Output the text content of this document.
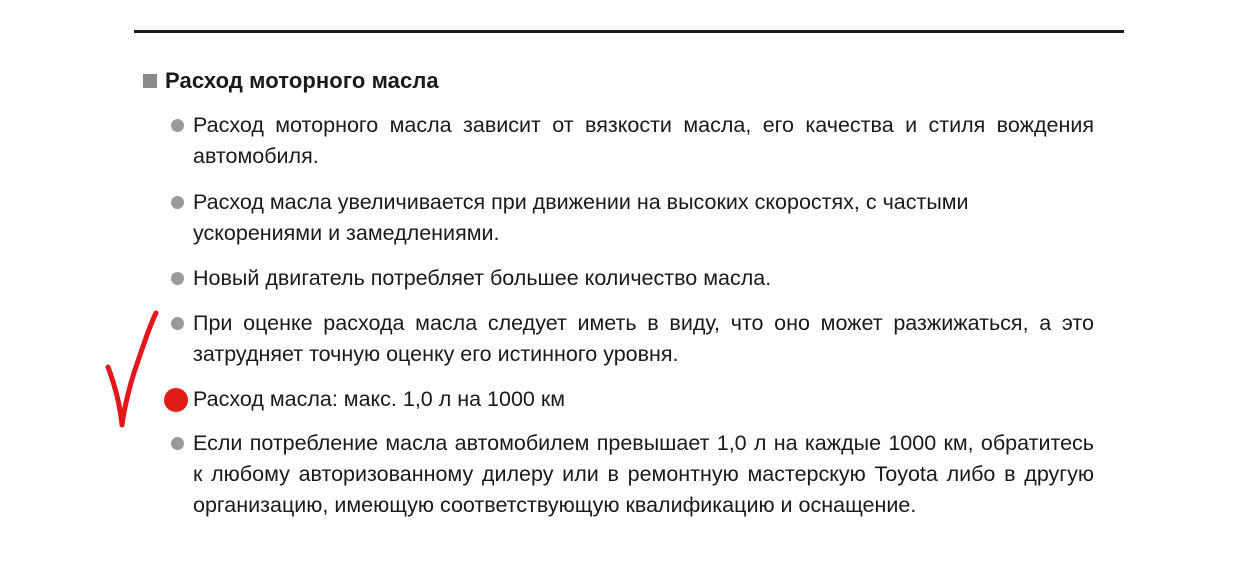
Расход моторного масла
Расход моторного масла зависит от вязкости масла, его качества и стиля вождения автомобиля.
Расход масла увеличивается при движении на высоких скоростях, с частыми ускорениями и замедлениями.
Новый двигатель потребляет большее количество масла.
При оценке расхода масла следует иметь в виду, что оно может разжижаться, а это затрудняет точную оценку его истинного уровня.
Расход масла: макс. 1,0 л на 1000 км
Если потребление масла автомобилем превышает 1,0 л на каждые 1000 км, обратитесь к любому авторизованному дилеру или в ремонтную мастерскую Toyota либо в другую организацию, имеющую соответствующую квалификацию и оснащение.
